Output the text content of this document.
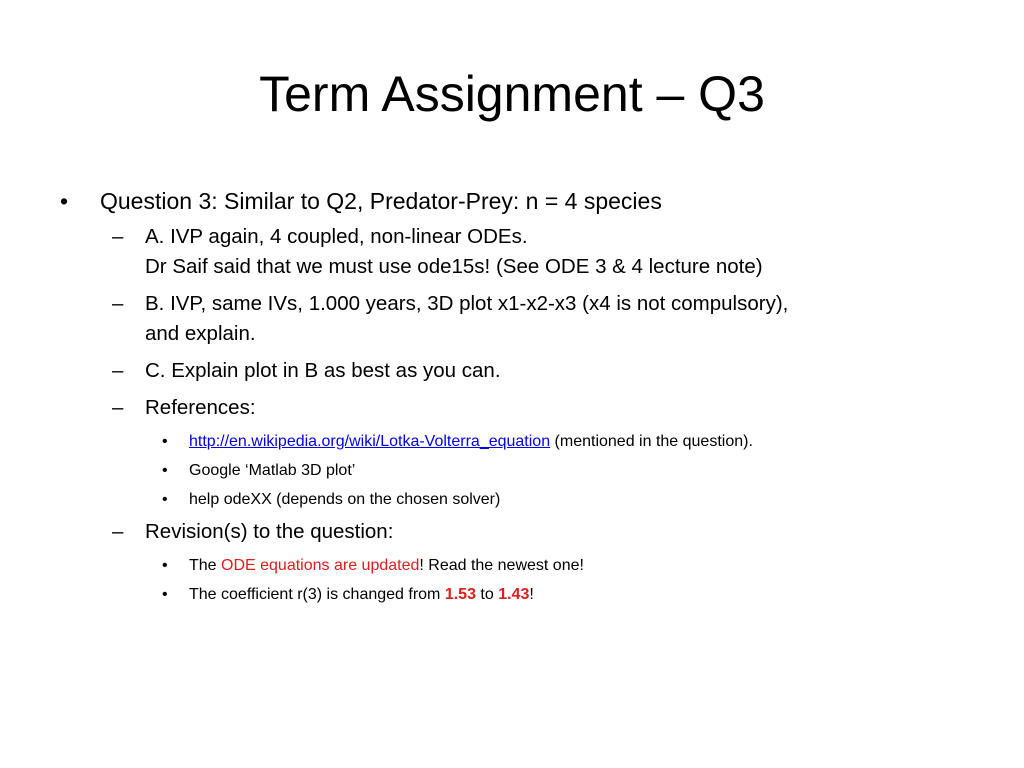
Term Assignment – Q3
• Question 3: Similar to Q2, Predator-Prey: n = 4 species
– A. IVP again, 4 coupled, non-linear ODEs.
Dr Saif said that we must use ode15s! (See ODE 3 & 4 lecture note)
– B. IVP, same IVs, 1.000 years, 3D plot x1-x2-x3 (x4 is not compulsory),
and explain.
– C. Explain plot in B as best as you can.
– References:
• http://en.wikipedia.org/wiki/Lotka-Volterra_equation (mentioned in the question).
• Google ‘Matlab 3D plot’
• help odeXX (depends on the chosen solver)
– Revision(s) to the question:
• The ODE equations are updated! Read the newest one!
• The coefficient r(3) is changed from 1.53 to 1.43!
